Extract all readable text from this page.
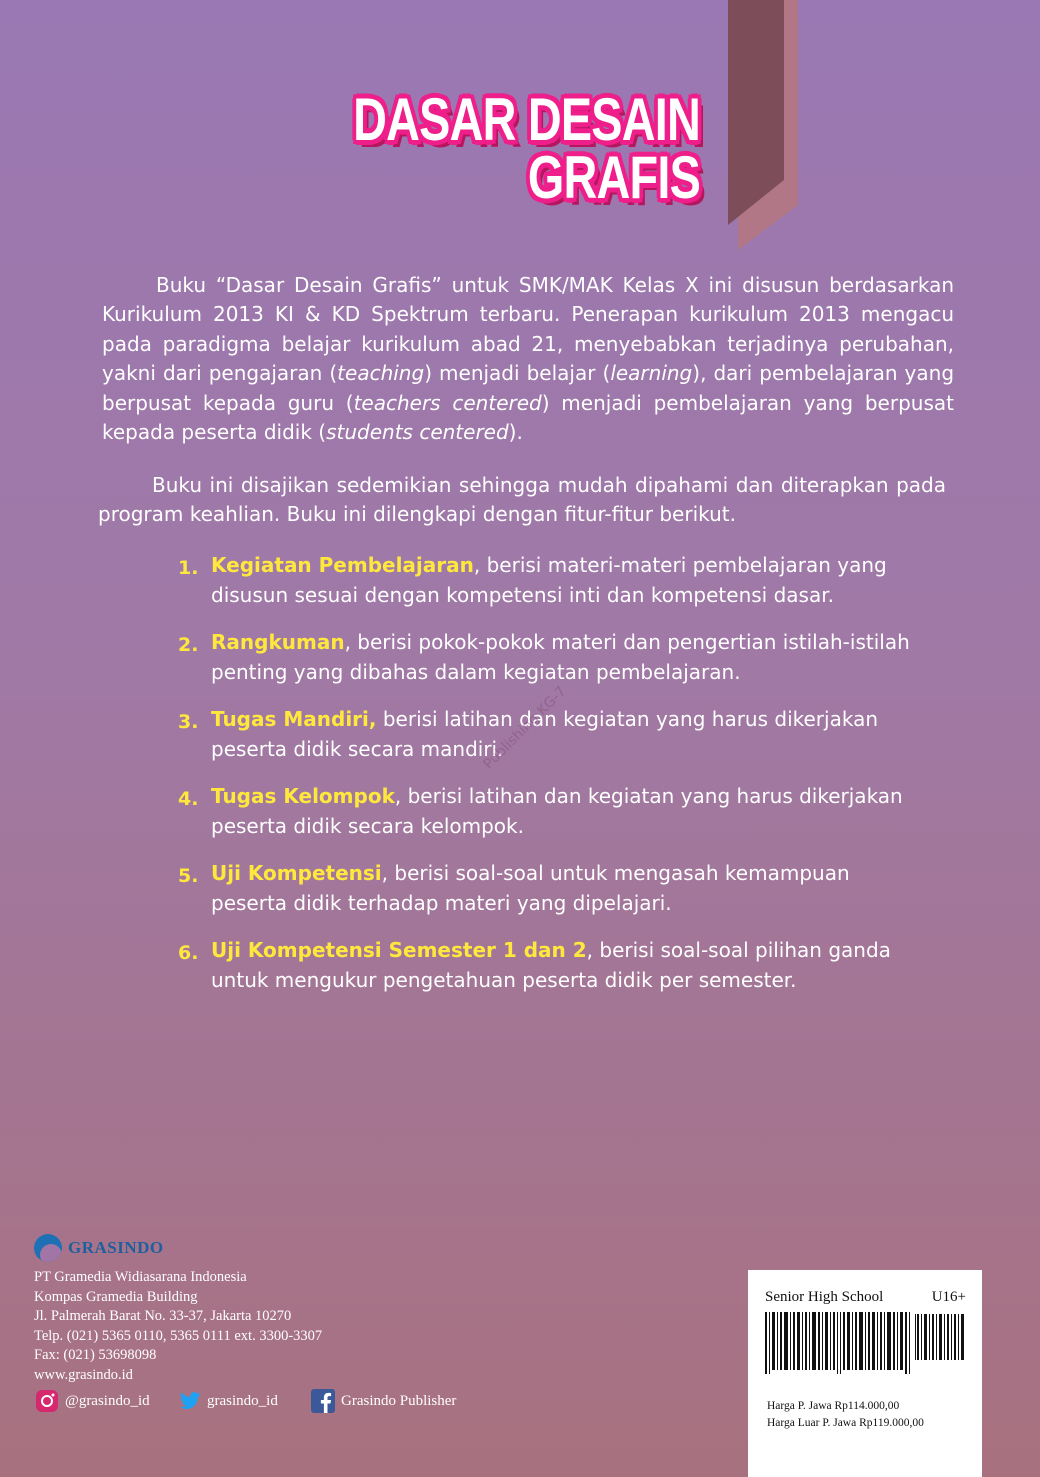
DASAR DESAIN
GRAFIS
Buku “Dasar Desain Grafis” untuk SMK/MAK Kelas X ini disusun berdasarkan Kurikulum 2013 KI & KD Spektrum terbaru. Penerapan kurikulum 2013 mengacu pada paradigma belajar kurikulum abad 21, menyebabkan terjadinya perubahan, yakni dari pengajaran (teaching) menjadi belajar (learning), dari pembelajaran yang berpusat kepada guru (teachers centered) menjadi pembelajaran yang berpusat kepada peserta didik (students centered).
Buku ini disajikan sedemikian sehingga mudah dipahami dan diterapkan pada program keahlian. Buku ini dilengkapi dengan fitur-fitur berikut.
1. Kegiatan Pembelajaran, berisi materi-materi pembelajaran yang disusun sesuai dengan kompetensi inti dan kompetensi dasar.
2. Rangkuman, berisi pokok-pokok materi dan pengertian istilah-istilah penting yang dibahas dalam kegiatan pembelajaran.
3. Tugas Mandiri, berisi latihan dan kegiatan yang harus dikerjakan peserta didik secara mandiri.
4. Tugas Kelompok, berisi latihan dan kegiatan yang harus dikerjakan peserta didik secara kelompok.
5. Uji Kompetensi, berisi soal-soal untuk mengasah kemampuan peserta didik terhadap materi yang dipelajari.
6. Uji Kompetensi Semester 1 dan 2, berisi soal-soal pilihan ganda untuk mengukur pengetahuan peserta didik per semester.
Publishing KG-7
GRASINDO
PT Gramedia Widiasarana Indonesia
Kompas Gramedia Building
Jl. Palmerah Barat No. 33-37, Jakarta 10270
Telp. (021) 5365 0110, 5365 0111 ext. 3300-3307
Fax: (021) 53698098
www.grasindo.id
@grasindo_id	grasindo_id	Grasindo Publisher
Senior High School	U16+
Harga P. Jawa Rp114.000,00
Harga Luar P. Jawa Rp119.000,00
